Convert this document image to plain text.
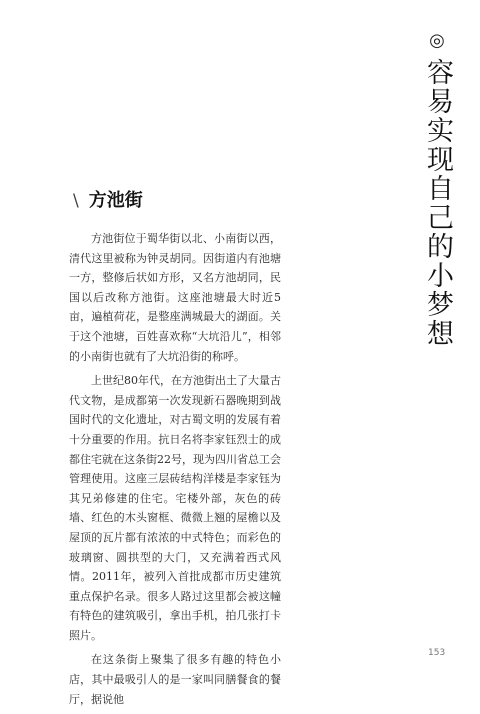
◎
容易实现自己的小梦想
\ 方池街

方池街位于蜀华街以北、小南街以西，清代这里被称为钟灵胡同。因街道内有池塘一方，整修后状如方形，又名方池胡同，民国以后改称方池街。这座池塘最大时近5亩，遍植荷花，是整座满城最大的湖面。关于这个池塘，百姓喜欢称“大坑沿儿”，相邻的小南街也就有了大坑沿街的称呼。

上世纪80年代，在方池街出土了大量古代文物，是成都第一次发现新石器晚期到战国时代的文化遗址，对古蜀文明的发展有着十分重要的作用。抗日名将李家钰烈士的成都住宅就在这条街22号，现为四川省总工会管理使用。这座三层砖结构洋楼是李家钰为其兄弟修建的住宅。宅楼外部，灰色的砖墙、红色的木头窗框、微微上翘的屋檐以及屋顶的瓦片都有浓浓的中式特色；而彩色的玻璃窗、圆拱型的大门，又充满着西式风情。2011年，被列入首批成都市历史建筑重点保护名录。很多人路过这里都会被这幢有特色的建筑吸引，拿出手机，拍几张打卡照片。

在这条街上聚集了很多有趣的特色小店，其中最吸引人的是一家叫同膳餐食的餐厅，据说他

153
